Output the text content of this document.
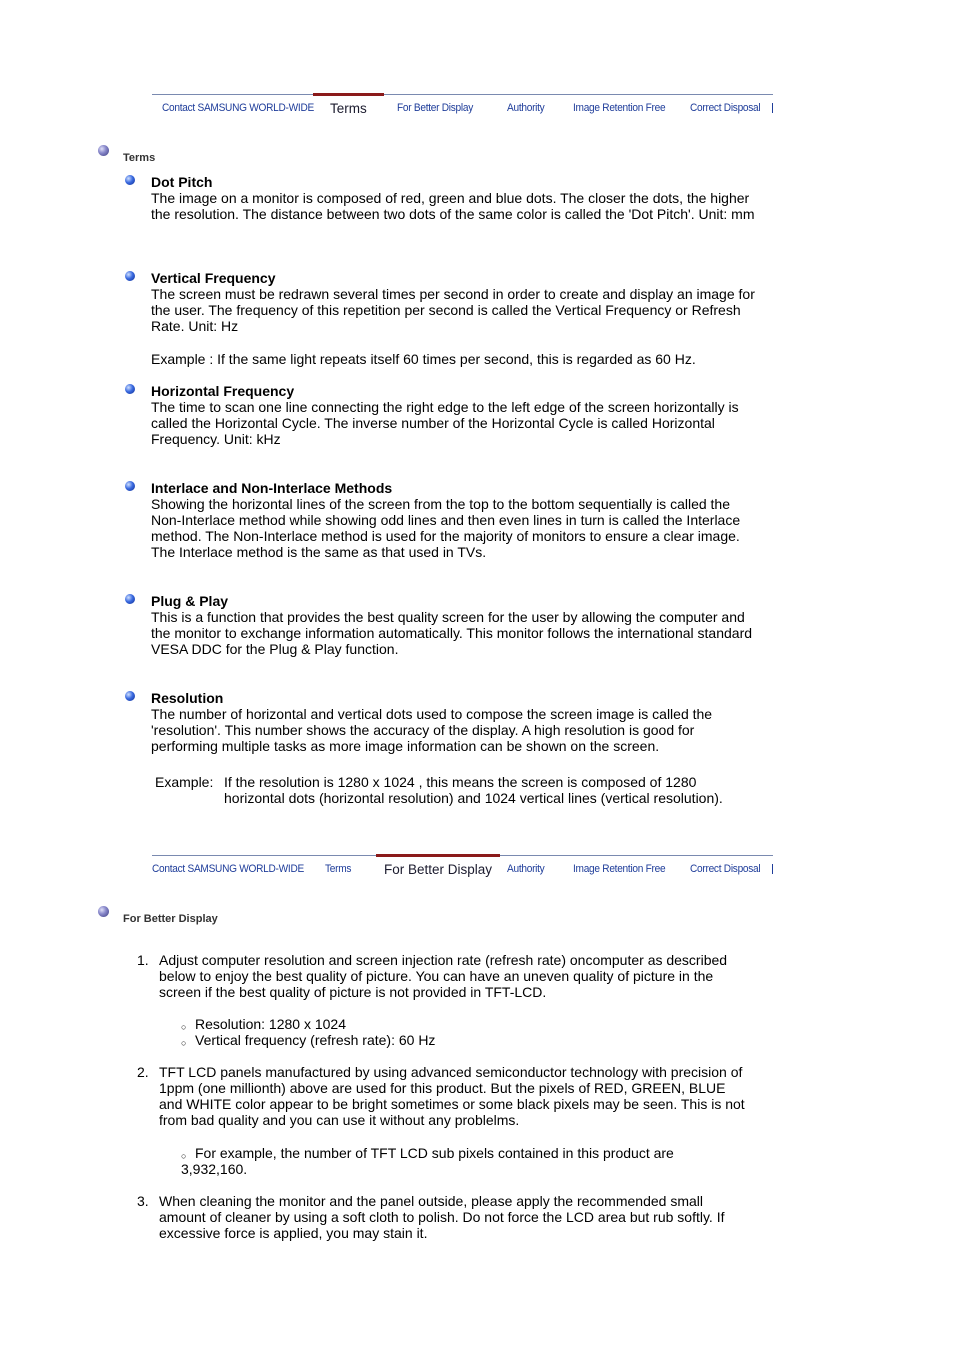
Contact SAMSUNG WORLD-WIDE	Terms	For Better Display	Authority	Image Retention Free Correct Disposal
Terms
Dot Pitch

The image on a monitor is composed of red, green and blue dots. The closer the dots, the higher the resolution. The distance between two dots of the same color is called the 'Dot Pitch'. Unit: mm

Vertical Frequency

The screen must be redrawn several times per second in order to create and display an image for the user. The frequency of this repetition per second is called the Vertical Frequency or Refresh Rate. Unit: Hz

Example : If the same light repeats itself 60 times per second, this is regarded as 60 Hz.

Horizontal Frequency

The time to scan one line connecting the right edge to the left edge of the screen horizontally is called the Horizontal Cycle. The inverse number of the Horizontal Cycle is called Horizontal Frequency. Unit: kHz

Interlace and Non-Interlace Methods

Showing the horizontal lines of the screen from the top to the bottom sequentially is called the Non-Interlace method while showing odd lines and then even lines in turn is called the Interlace method. The Non-Interlace method is used for the majority of monitors to ensure a clear image. The Interlace method is the same as that used in TVs.

Plug & Play

This is a function that provides the best quality screen for the user by allowing the computer and the monitor to exchange information automatically. This monitor follows the international standard VESA DDC for the Plug & Play function.

Resolution

The number of horizontal and vertical dots used to compose the screen image is called the 'resolution'. This number shows the accuracy of the display. A high resolution is good for performing multiple tasks as more image information can be shown on the screen.

Example: If the resolution is 1280 x 1024 , this means the screen is composed of 1280 horizontal dots (horizontal resolution) and 1024 vertical lines (vertical resolution).
Contact SAMSUNG WORLD-WIDE Terms	For Better Display	Authority	Image Retention Free Correct Disposal
For Better Display
1. Adjust computer resolution and screen injection rate (refresh rate) oncomputer as described below to enjoy the best quality of picture. You can have an uneven quality of picture in the screen if the best quality of picture is not provided in TFT-LCD.
○ Resolution: 1280 x 1024
○ Vertical frequency (refresh rate): 60 Hz
2. TFT LCD panels manufactured by using advanced semiconductor technology with precision of 1ppm (one millionth) above are used for this product. But the pixels of RED, GREEN, BLUE and WHITE color appear to be bright sometimes or some black pixels may be seen. This is not from bad quality and you can use it without any problelms.
○ For example, the number of TFT LCD sub pixels contained in this product are 3,932,160.
3. When cleaning the monitor and the panel outside, please apply the recommended small amount of cleaner by using a soft cloth to polish. Do not force the LCD area but rub softly. If excessive force is applied, you may stain it.
